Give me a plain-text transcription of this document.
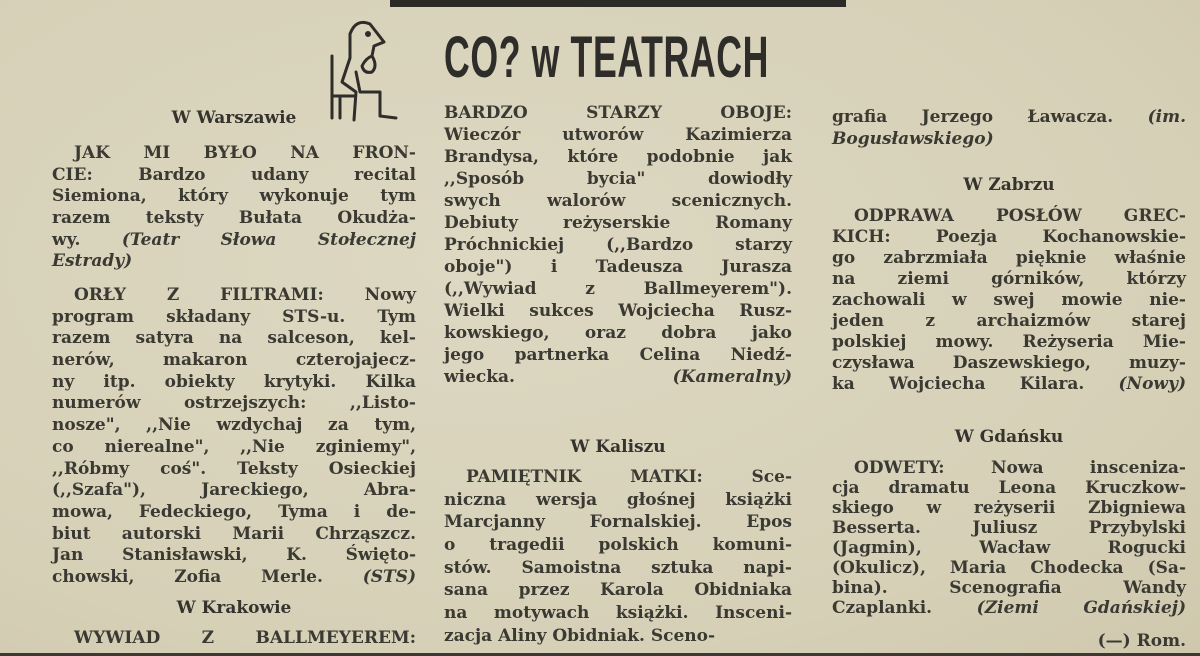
CO? w TEATRACH
W Warszawie
JAK MI BYŁO NA FRON-
CIE: Bardzo udany recital
Siemiona, który wykonuje tym
razem teksty Bułata Okudża-
wy. (Teatr Słowa Stołecznej
Estrady)
ORŁY Z FILTRAMI: Nowy
program składany STS-u. Tym
razem satyra na salceson, kel-
nerów, makaron czterojajecz-
ny itp. obiekty krytyki. Kilka
numerów ostrzejszych: ,,Listo-
nosze", ,,Nie wzdychaj za tym,
co nierealne", ,,Nie zginiemy",
,,Róbmy coś". Teksty Osieckiej
(,,Szafa"), Jareckiego, Abra-
mowa, Fedeckiego, Tyma i de-
biut autorski Marii Chrząszcz.
Jan Stanisławski, K. Święto-
chowski, Zofia Merle. (STS)
W Krakowie
WYWIAD Z BALLMEYEREM:
BARDZO STARZY OBOJE:
Wieczór utworów Kazimierza
Brandysa, które podobnie jak
,,Sposób bycia" dowiodły
swych walorów scenicznych.
Debiuty reżyserskie Romany
Próchnickiej (,,Bardzo starzy
oboje") i Tadeusza Jurasza
(,,Wywiad z Ballmeyerem").
Wielki sukces Wojciecha Rusz-
kowskiego, oraz dobra jako
jego partnerka Celina Niedź-
wiecka. (Kameralny)
W Kaliszu
PAMIĘTNIK MATKI: Sce-
niczna wersja głośnej książki
Marcjanny Fornalskiej. Epos
o tragedii polskich komuni-
stów. Samoistna sztuka napi-
sana przez Karola Obidniaka
na motywach książki. Insceni-
zacja Aliny Obidniak. Sceno-
grafia Jerzego Ławacza. (im.
Bogusławskiego)
W Zabrzu
ODPRAWA POSŁÓW GREC-
KICH: Poezja Kochanowskie-
go zabrzmiała pięknie właśnie
na ziemi górników, którzy
zachowali w swej mowie nie-
jeden z archaizmów starej
polskiej mowy. Reżyseria Mie-
czysława Daszewskiego, muzy-
ka Wojciecha Kilara. (Nowy)
W Gdańsku
ODWETY: Nowa insceniza-
cja dramatu Leona Kruczkow-
skiego w reżyserii Zbigniewa
Besserta. Juliusz Przybylski
(Jagmin), Wacław Rogucki
(Okulicz), Maria Chodecka (Sa-
bina). Scenografia Wandy
Czaplanki. (Ziemi Gdańskiej)
(—) Rom.
